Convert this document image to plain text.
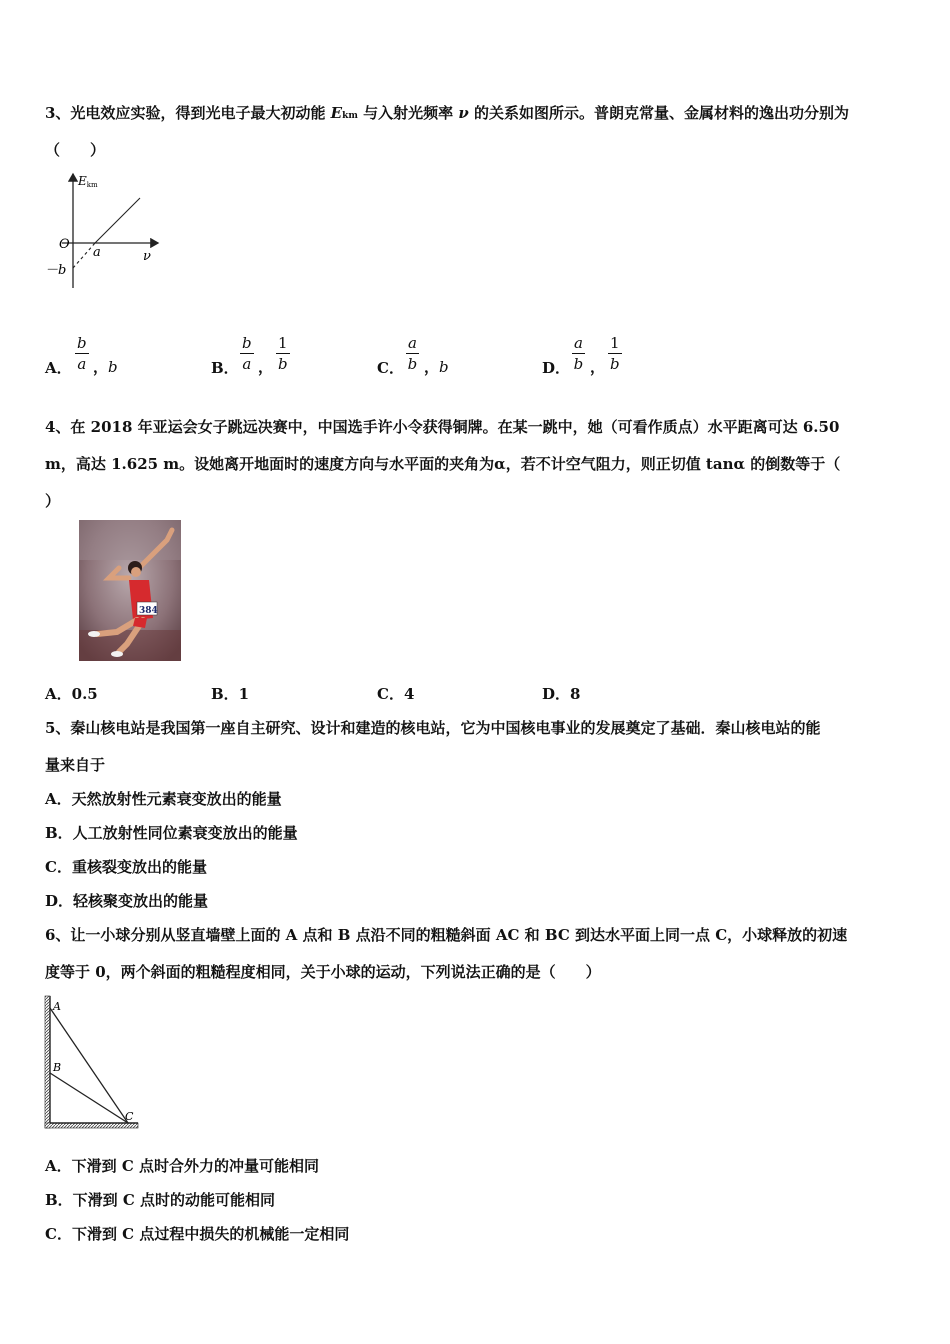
3、光电效应实验，得到光电子最大初动能 Ekm 与入射光频率 ν 的关系如图所示。普朗克常量、金属材料的逸出功分别为
（　　）
Ekm
O
a
－b
ν
A． $\frac{b}{a}$ ，b	B． $\frac{b}{a}$ ， $\frac{1}{b}$	C． $\frac{a}{b}$ ，b	D． $\frac{a}{b}$ ， $\frac{1}{b}$
4、在 2018 年亚运会女子跳远决赛中，中国选手许小令获得铜牌。在某一跳中，她（可看作质点）水平距离可达 6.50
m，高达 1.625 m。设她离开地面时的速度方向与水平面的夹角为α，若不计空气阻力，则正切值 tanα 的倒数等于（
）
384
A．0.5	B．1	C．4	D．8
5、秦山核电站是我国第一座自主研究、设计和建造的核电站，它为中国核电事业的发展奠定了基础．秦山核电站的能
量来自于
A．天然放射性元素衰变放出的能量
B．人工放射性同位素衰变放出的能量
C．重核裂变放出的能量
D．轻核聚变放出的能量
6、让一小球分别从竖直墙壁上面的 A 点和 B 点沿不同的粗糙斜面 AC 和 BC 到达水平面上同一点 C，小球释放的初速
度等于 0，两个斜面的粗糙程度相同，关于小球的运动，下列说法正确的是（　　）
A
B
C
A．下滑到 C 点时合外力的冲量可能相同
B．下滑到 C 点时的动能可能相同
C．下滑到 C 点过程中损失的机械能一定相同
